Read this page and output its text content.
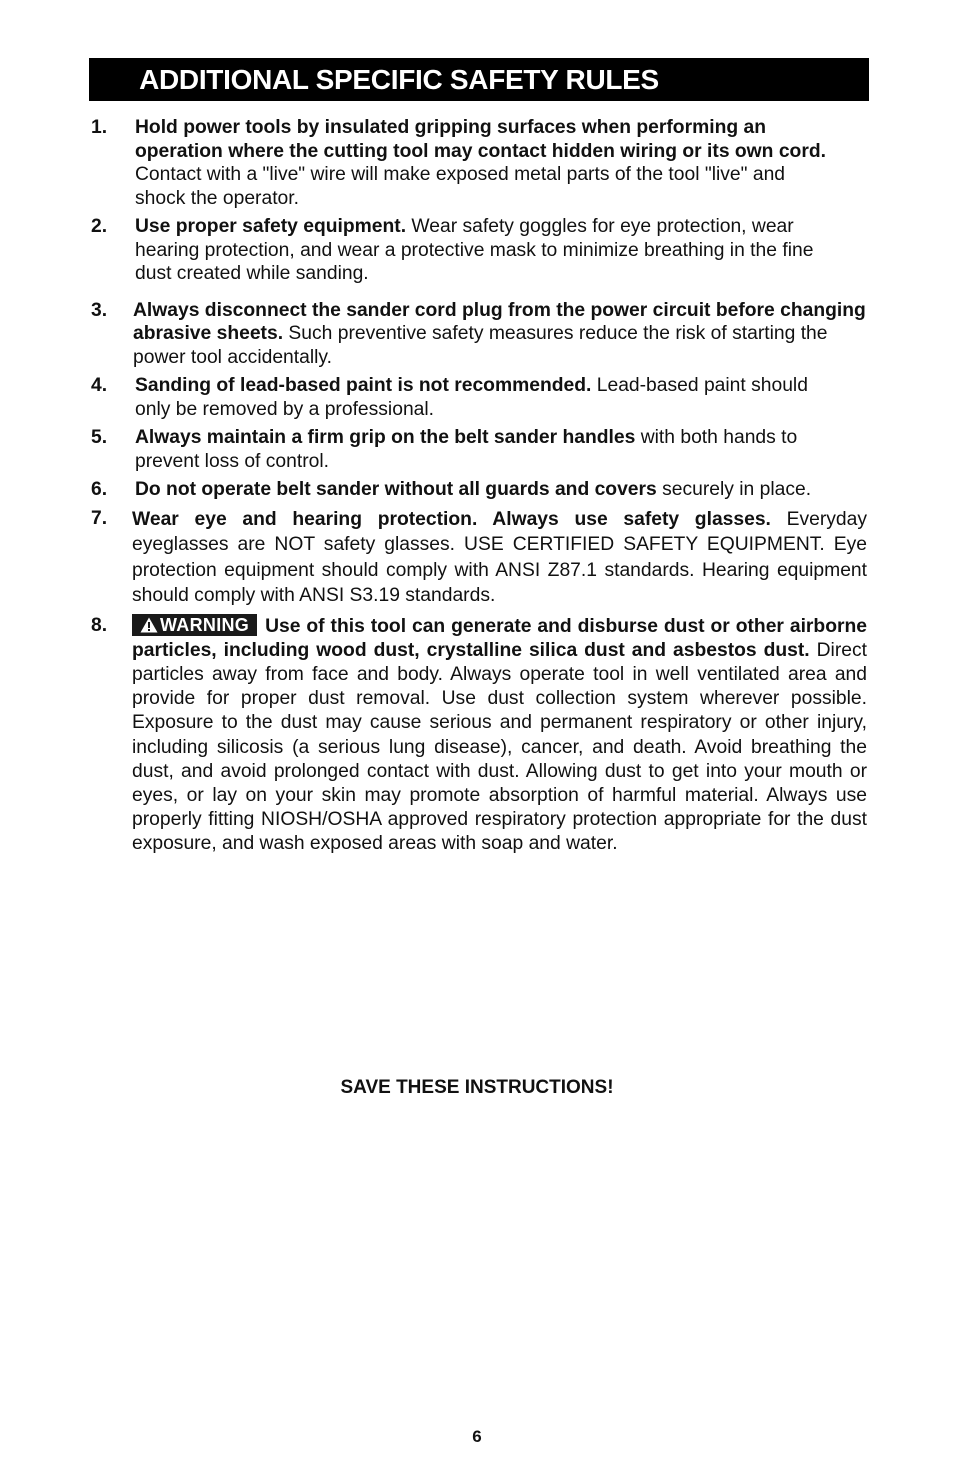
ADDITIONAL SPECIFIC SAFETY RULES
1. Hold power tools by insulated gripping surfaces when performing an operation where the cutting tool may contact hidden wiring or its own cord. Contact with a "live" wire will make exposed metal parts of the tool "live" and shock the operator.
2. Use proper safety equipment. Wear safety goggles for eye protection, wear hearing protection, and wear a protective mask to minimize breathing in the fine dust created while sanding.
3. Always disconnect the sander cord plug from the power circuit before changing abrasive sheets. Such preventive safety measures reduce the risk of starting the power tool accidentally.
4. Sanding of lead-based paint is not recommended. Lead-based paint should only be removed by a professional.
5. Always maintain a firm grip on the belt sander handles with both hands to prevent loss of control.
6. Do not operate belt sander without all guards and covers securely in place.
7. Wear eye and hearing protection. Always use safety glasses. Everyday eyeglasses are NOT safety glasses. USE CERTIFIED SAFETY EQUIPMENT. Eye protection equipment should comply with ANSI Z87.1 standards. Hearing equipment should comply with ANSI S3.19 standards.
8.	WARNING Use of this tool can generate and disburse dust or other airborne particles, including wood dust, crystalline silica dust and asbestos dust. Direct particles away from face and body. Always operate tool in well ventilated area and provide for proper dust removal. Use dust collection system wherever possible. Exposure to the dust may cause serious and permanent respiratory or other injury, including silicosis (a serious lung disease), cancer, and death. Avoid breathing the dust, and avoid prolonged contact with dust. Allowing dust to get into your mouth or eyes, or lay on your skin may promote absorption of harmful material. Always use properly fitting NIOSH/OSHA approved respiratory protection appropriate for the dust exposure, and wash exposed areas with soap and water.
SAVE THESE INSTRUCTIONS!
6
